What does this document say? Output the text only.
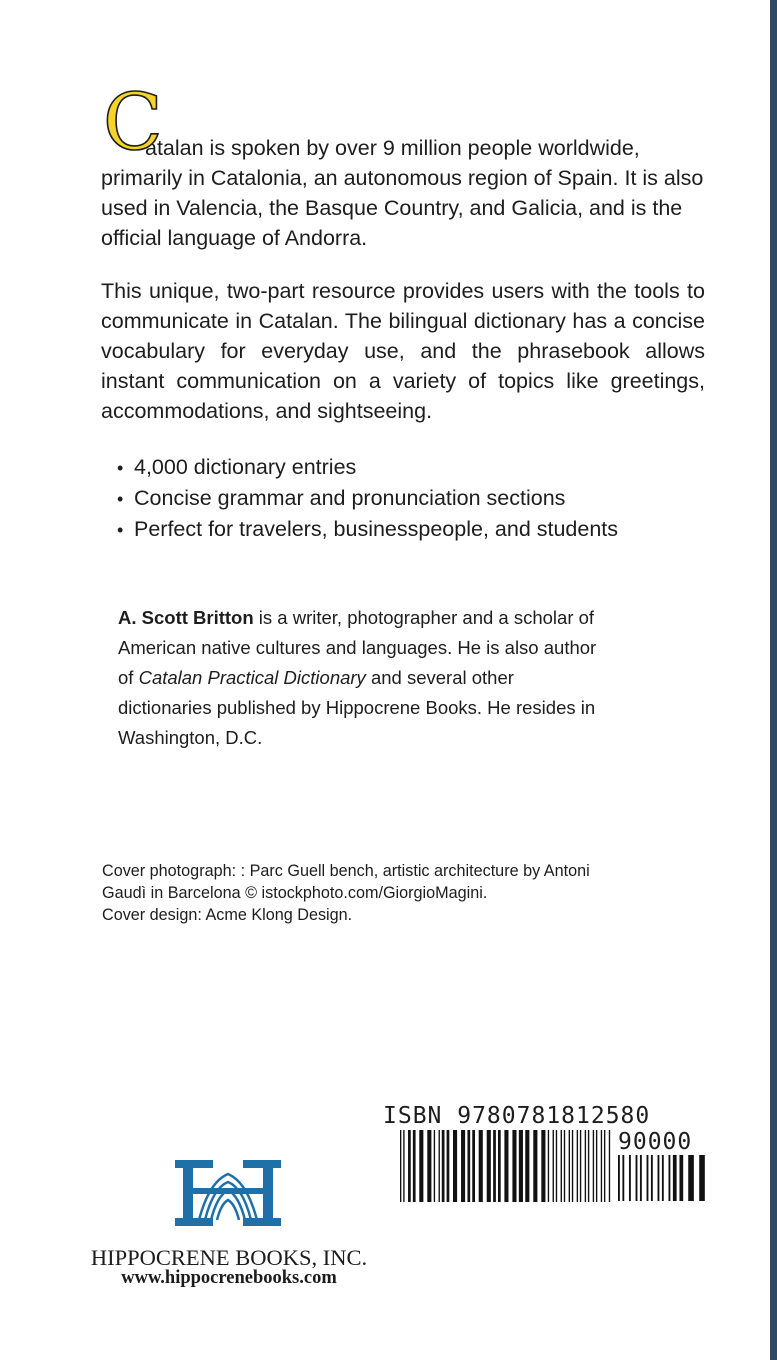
C
atalan is spoken by over 9 million people worldwide, primarily in Catalonia, an autonomous region of Spain. It is also used in Valencia, the Basque Country, and Galicia, and is the official language of Andorra.
This unique, two-part resource provides users with the tools to communicate in Catalan. The bilingual dictionary has a concise vocabulary for everyday use, and the phrasebook allows instant communication on a variety of topics like greetings, accommodations, and sightseeing.
• 4,000 dictionary entries
• Concise grammar and pronunciation sections
• Perfect for travelers, businesspeople, and students
A. Scott Britton is a writer, photographer and a scholar of American native cultures and languages. He is also author of Catalan Practical Dictionary and several other dictionaries published by Hippocrene Books. He resides in Washington, D.C.
Cover photograph: : Parc Guell bench, artistic architecture by Antoni
Gaudì in Barcelona © istockphoto.com/GiorgioMagini.
Cover design: Acme Klong Design.
ISBN 9780781812580
90000
HIPPOCRENE BOOKS, INC.
www.hippocrenebooks.com
